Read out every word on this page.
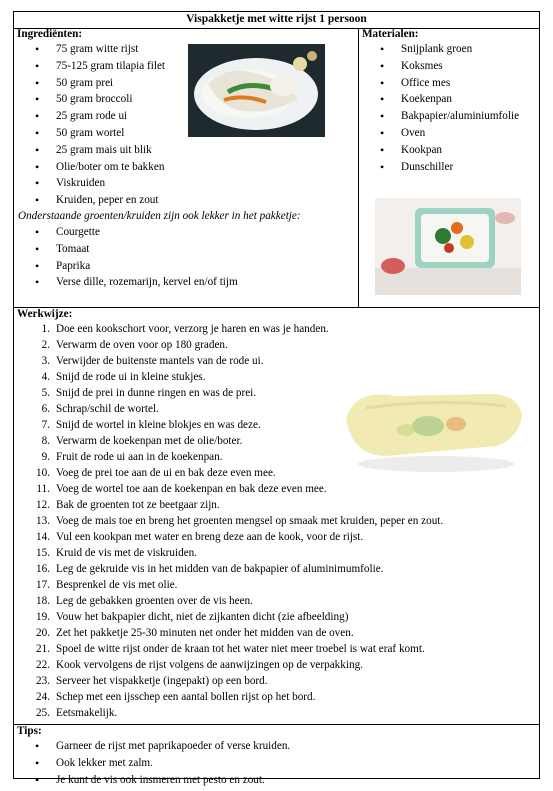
Vispakketje met witte rijst 1 persoon
Ingrediënten:
• 75 gram witte rijst
• 75-125 gram tilapia filet
• 50 gram prei
• 50 gram broccoli
• 25 gram rode ui
• 50 gram wortel
• 25 gram mais uit blik
• Olie/boter om te bakken
• Viskruiden
• Kruiden, peper en zout
Onderstaande groenten/kruiden zijn ook lekker in het pakketje:
• Courgette
• Tomaat
• Paprika
• Verse dille, rozemarijn, kervel en/of tijm
Materialen:
• Snijplank groen
• Koksmes
• Office mes
• Koekenpan
• Bakpapier/aluminiumfolie
• Oven
• Kookpan
• Dunschiller
Werkwijze:
1. Doe een kookschort voor, verzorg je haren en was je handen.
2. Verwarm de oven voor op 180 graden.
3. Verwijder de buitenste mantels van de rode ui.
4. Snijd de rode ui in kleine stukjes.
5. Snijd de prei in dunne ringen en was de prei.
6. Schrap/schil de wortel.
7. Snijd de wortel in kleine blokjes en was deze.
8. Verwarm de koekenpan met de olie/boter.
9. Fruit de rode ui aan in de koekenpan.
10. Voeg de prei toe aan de ui en bak deze even mee.
11. Voeg de wortel toe aan de koekenpan en bak deze even mee.
12. Bak de groenten tot ze beetgaar zijn.
13. Voeg de mais toe en breng het groenten mengsel op smaak met kruiden, peper en zout.
14. Vul een kookpan met water en breng deze aan de kook, voor de rijst.
15. Kruid de vis met de viskruiden.
16. Leg de gekruide vis in het midden van de bakpapier of aluminimumfolie.
17. Besprenkel de vis met olie.
18. Leg de gebakken groenten over de vis heen.
19. Vouw het bakpapier dicht, niet de zijkanten dicht (zie afbeelding)
20. Zet het pakketje 25-30 minuten net onder het midden van de oven.
21. Spoel de witte rijst onder de kraan tot het water niet meer troebel is wat eraf komt.
22. Kook vervolgens de rijst volgens de aanwijzingen op de verpakking.
23. Serveer het vispakketje (ingepakt) op een bord.
24. Schep met een ijsschep een aantal bollen rijst op het bord.
25. Eetsmakelijk.
Tips:
• Garneer de rijst met paprikapoeder of verse kruiden.
• Ook lekker met zalm.
• Je kunt de vis ook insmeren met pesto en zout.
